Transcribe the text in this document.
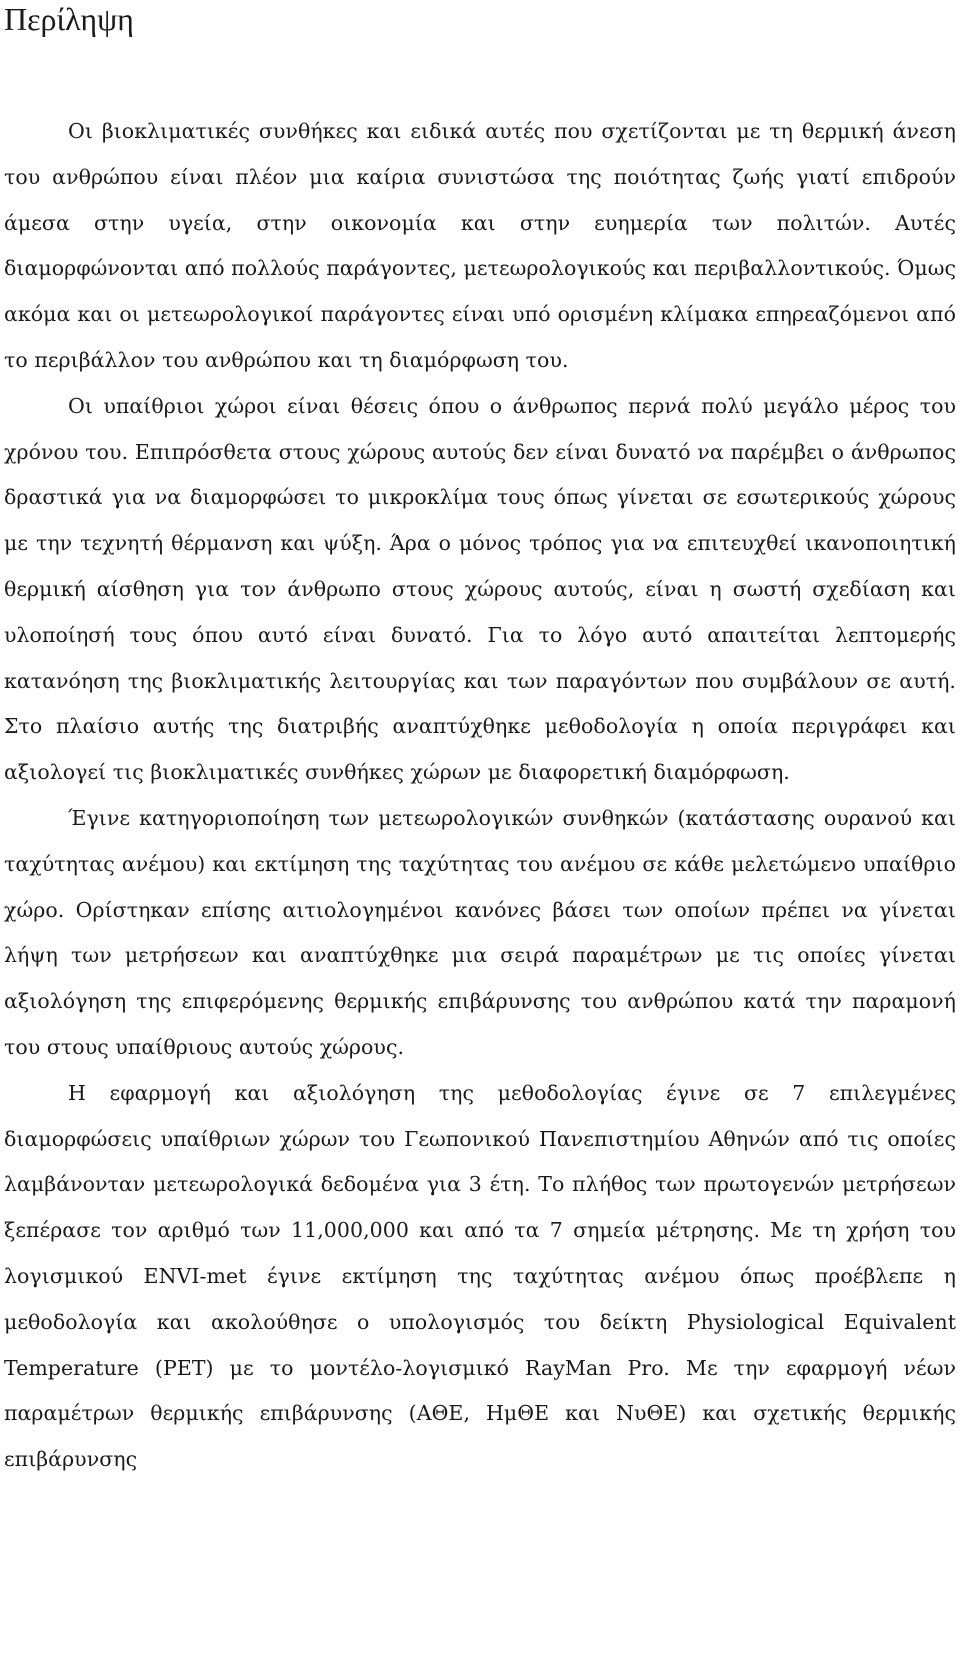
Περίληψη

Οι βιοκλιματικές συνθήκες και ειδικά αυτές που σχετίζονται με τη θερμική άνεση του ανθρώπου είναι πλέον μια καίρια συνιστώσα της ποιότητας ζωής γιατί επιδρούν άμεσα στην υγεία, στην οικονομία και στην ευημερία των πολιτών. Αυτές διαμορφώνονται από πολλούς παράγοντες, μετεωρολογικούς και περιβαλλοντικούς. Όμως ακόμα και οι μετεωρολογικοί παράγοντες είναι υπό ορισμένη κλίμακα επηρεαζόμενοι από το περιβάλλον του ανθρώπου και τη διαμόρφωση του.

Οι υπαίθριοι χώροι είναι θέσεις όπου ο άνθρωπος περνά πολύ μεγάλο μέρος του χρόνου του. Επιπρόσθετα στους χώρους αυτούς δεν είναι δυνατό να παρέμβει ο άνθρωπος δραστικά για να διαμορφώσει το μικροκλίμα τους όπως γίνεται σε εσωτερικούς χώρους με την τεχνητή θέρμανση και ψύξη. Άρα ο μόνος τρόπος για να επιτευχθεί ικανοποιητική θερμική αίσθηση για τον άνθρωπο στους χώρους αυτούς, είναι η σωστή σχεδίαση και υλοποίησή τους όπου αυτό είναι δυνατό. Για το λόγο αυτό απαιτείται λεπτομερής κατανόηση της βιοκλιματικής λειτουργίας και των παραγόντων που συμβάλουν σε αυτή. Στο πλαίσιο αυτής της διατριβής αναπτύχθηκε μεθοδολογία η οποία περιγράφει και αξιολογεί τις βιοκλιματικές συνθήκες χώρων με διαφορετική διαμόρφωση.

Έγινε κατηγοριοποίηση των μετεωρολογικών συνθηκών (κατάστασης ουρανού και ταχύτητας ανέμου) και εκτίμηση της ταχύτητας του ανέμου σε κάθε μελετώμενο υπαίθριο χώρο. Ορίστηκαν επίσης αιτιολογημένοι κανόνες βάσει των οποίων πρέπει να γίνεται λήψη των μετρήσεων και αναπτύχθηκε μια σειρά παραμέτρων με τις οποίες γίνεται αξιολόγηση της επιφερόμενης θερμικής επιβάρυνσης του ανθρώπου κατά την παραμονή του στους υπαίθριους αυτούς χώρους.

Η εφαρμογή και αξιολόγηση της μεθοδολογίας έγινε σε 7 επιλεγμένες διαμορφώσεις υπαίθριων χώρων του Γεωπονικού Πανεπιστημίου Αθηνών από τις οποίες λαμβάνονταν μετεωρολογικά δεδομένα για 3 έτη. Το πλήθος των πρωτογενών μετρήσεων ξεπέρασε τον αριθμό των 11,000,000 και από τα 7 σημεία μέτρησης. Με τη χρήση του λογισμικού ENVI-met έγινε εκτίμηση της ταχύτητας ανέμου όπως προέβλεπε η μεθοδολογία και ακολούθησε ο υπολογισμός του δείκτη Physiological Equivalent Temperature (PET) με το μοντέλο-λογισμικό RayMan Pro. Με την εφαρμογή νέων παραμέτρων θερμικής επιβάρυνσης (ΑΘΕ, ΗμΘΕ και ΝυΘΕ) και σχετικής θερμικής επιβάρυνσης
